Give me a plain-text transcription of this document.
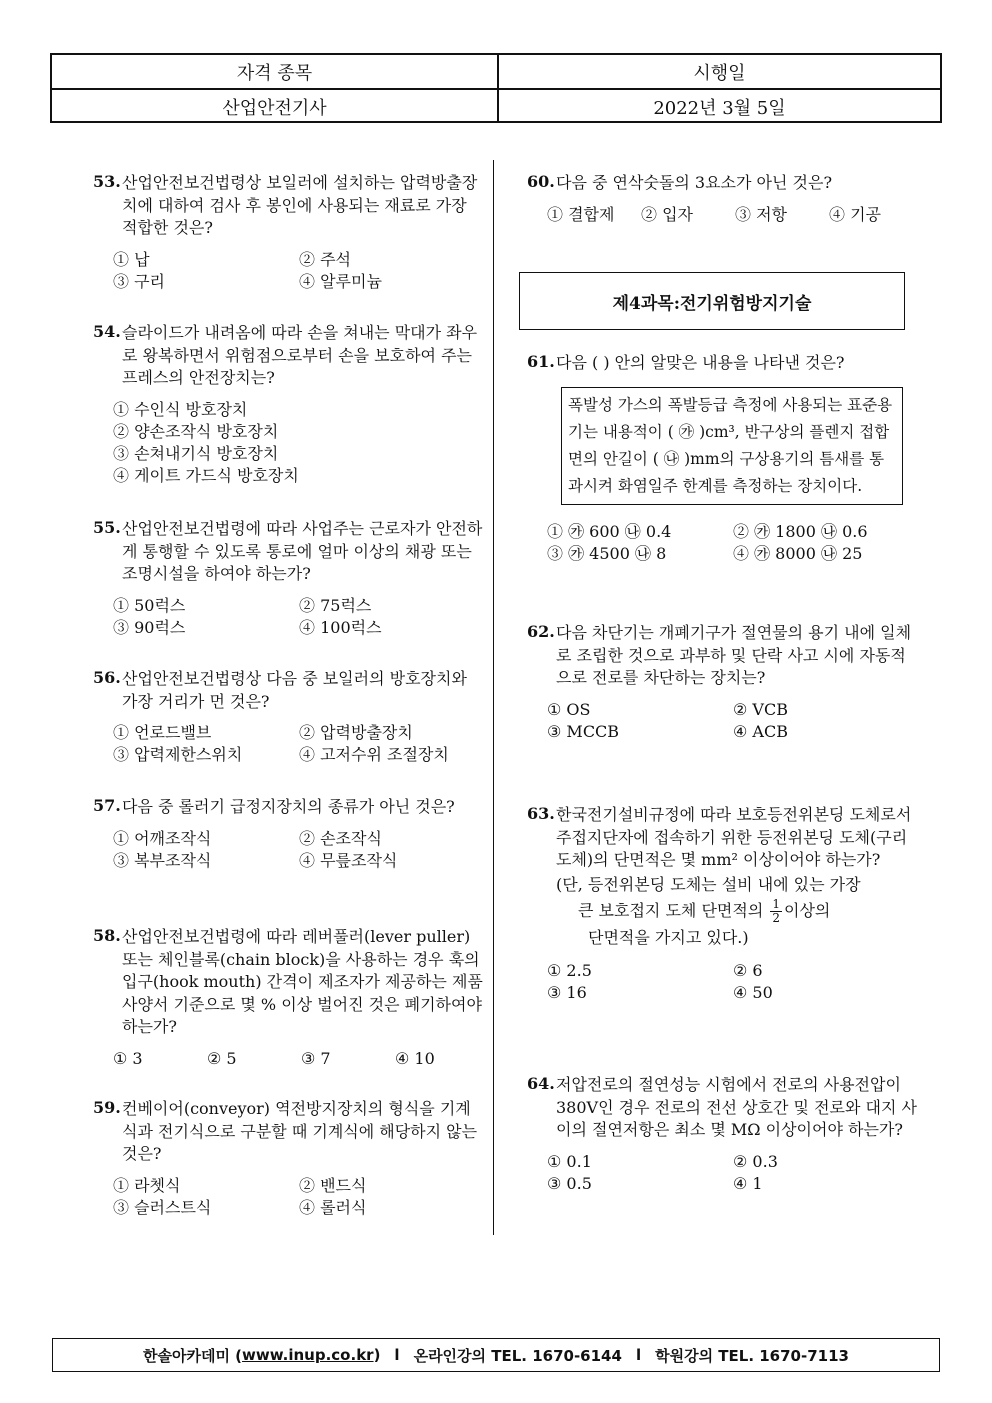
자격 종목	시행일
산업안전기사	2022년 3월 5일
53. 산업안전보건법령상 보일러에 설치하는 압력방출장치에 대하여 검사 후 봉인에 사용되는 재료로 가장 적합한 것은?
① 납	② 주석
③ 구리	④ 알루미늄
54. 슬라이드가 내려옴에 따라 손을 쳐내는 막대가 좌우로 왕복하면서 위험점으로부터 손을 보호하여 주는 프레스의 안전장치는?
① 수인식 방호장치
② 양손조작식 방호장치
③ 손쳐내기식 방호장치
④ 게이트 가드식 방호장치
55. 산업안전보건법령에 따라 사업주는 근로자가 안전하게 통행할 수 있도록 통로에 얼마 이상의 채광 또는 조명시설을 하여야 하는가?
① 50럭스	② 75럭스
③ 90럭스	④ 100럭스
56. 산업안전보건법령상 다음 중 보일러의 방호장치와 가장 거리가 먼 것은?
① 언로드밸브	② 압력방출장치
③ 압력제한스위치	④ 고저수위 조절장치
57. 다음 중 롤러기 급정지장치의 종류가 아닌 것은?
① 어깨조작식	② 손조작식
③ 복부조작식	④ 무릎조작식
58. 산업안전보건법령에 따라 레버풀러(lever puller) 또는 체인블록(chain block)을 사용하는 경우 훅의 입구(hook mouth) 간격이 제조자가 제공하는 제품사양서 기준으로 몇 % 이상 벌어진 것은 폐기하여야 하는가?
① 3	② 5	③ 7	④ 10
59. 컨베이어(conveyor) 역전방지장치의 형식을 기계식과 전기식으로 구분할 때 기계식에 해당하지 않는 것은?
① 라쳇식	② 밴드식
③ 슬러스트식	④ 롤러식
60. 다음 중 연삭숫돌의 3요소가 아닌 것은?
① 결합제	② 입자	③ 저항	④ 기공
제4과목:전기위험방지기술
61. 다음 ( ) 안의 알맞은 내용을 나타낸 것은?
폭발성 가스의 폭발등급 측정에 사용되는 표준용기는 내용적이 ( ㉮ )cm³, 반구상의 플렌지 접합면의 안길이 ( ㉯ )mm의 구상용기의 틈새를 통과시켜 화염일주 한계를 측정하는 장치이다.
① ㉮ 600 ㉯ 0.4	② ㉮ 1800 ㉯ 0.6
③ ㉮ 4500 ㉯ 8	④ ㉮ 8000 ㉯ 25
62. 다음 차단기는 개폐기구가 절연물의 용기 내에 일체로 조립한 것으로 과부하 및 단락 사고 시에 자동적으로 전로를 차단하는 장치는?
① OS	② VCB
③ MCCB	④ ACB
63. 한국전기설비규정에 따라 보호등전위본딩 도체로서 주접지단자에 접속하기 위한 등전위본딩 도체(구리도체)의 단면적은 몇 mm² 이상이어야 하는가?
(단, 등전위본딩 도체는 설비 내에 있는 가장
큰 보호접지 도체 단면적의 $\frac{1}{2}$ 이상의
단면적을 가지고 있다.)
① 2.5	② 6
③ 16	④ 50
64. 저압전로의 절연성능 시험에서 전로의 사용전압이 380V인 경우 전로의 전선 상호간 및 전로와 대지 사이의 절연저항은 최소 몇 MΩ 이상이어야 하는가?
① 0.1	② 0.3
③ 0.5	④ 1
한솔아카데미 ( www.inup.co.kr ) l 온라인강의 TEL. 1670-6144 l 학원강의 TEL. 1670-7113
